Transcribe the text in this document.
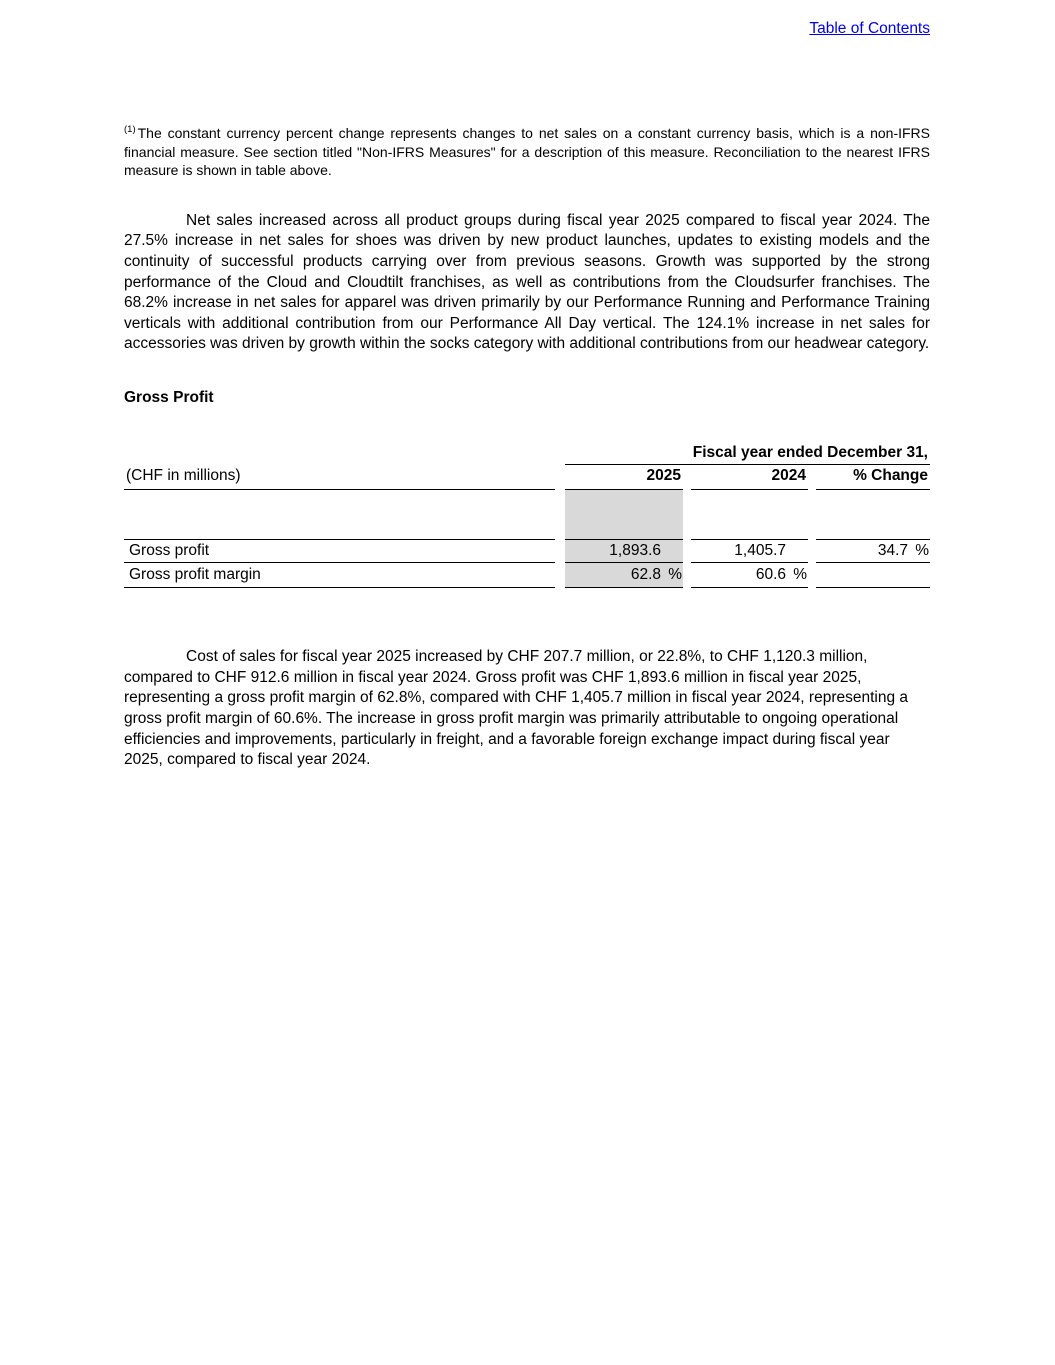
Table of Contents

$^{(1)}$ The constant currency percent change represents changes to net sales on a constant currency basis, which is a non-IFRS financial measure. See section titled "Non-IFRS Measures" for a description of this measure. Reconciliation to the nearest IFRS measure is shown in table above.

Net sales increased across all product groups during fiscal year 2025 compared to fiscal year 2024. The 27.5% increase in net sales for shoes was driven by new product launches, updates to existing models and the continuity of successful products carrying over from previous seasons. Growth was supported by the strong performance of the Cloud and Cloudtilt franchises, as well as contributions from the Cloudsurfer franchises. The 68.2% increase in net sales for apparel was driven primarily by our Performance Running and Performance Training verticals with additional contribution from our Performance All Day vertical. The 124.1% increase in net sales for accessories was driven by growth within the socks category with additional contributions from our headwear category.

Gross Profit
Fiscal year ended December 31,
(CHF in millions)	2025	2024	% Change
Gross profit	1,893.6	1,405.7	34.7 %
Gross profit margin	62.8 %	60.6 %

Cost of sales for fiscal year 2025 increased by CHF 207.7 million, or 22.8%, to CHF 1,120.3 million, compared to CHF 912.6 million in fiscal year 2024. Gross profit was CHF 1,893.6 million in fiscal year 2025, representing a gross profit margin of 62.8%, compared with CHF 1,405.7 million in fiscal year 2024, representing a gross profit margin of 60.6%. The increase in gross profit margin was primarily attributable to ongoing operational efficiencies and improvements, particularly in freight, and a favorable foreign exchange impact during fiscal year 2025, compared to fiscal year 2024.
